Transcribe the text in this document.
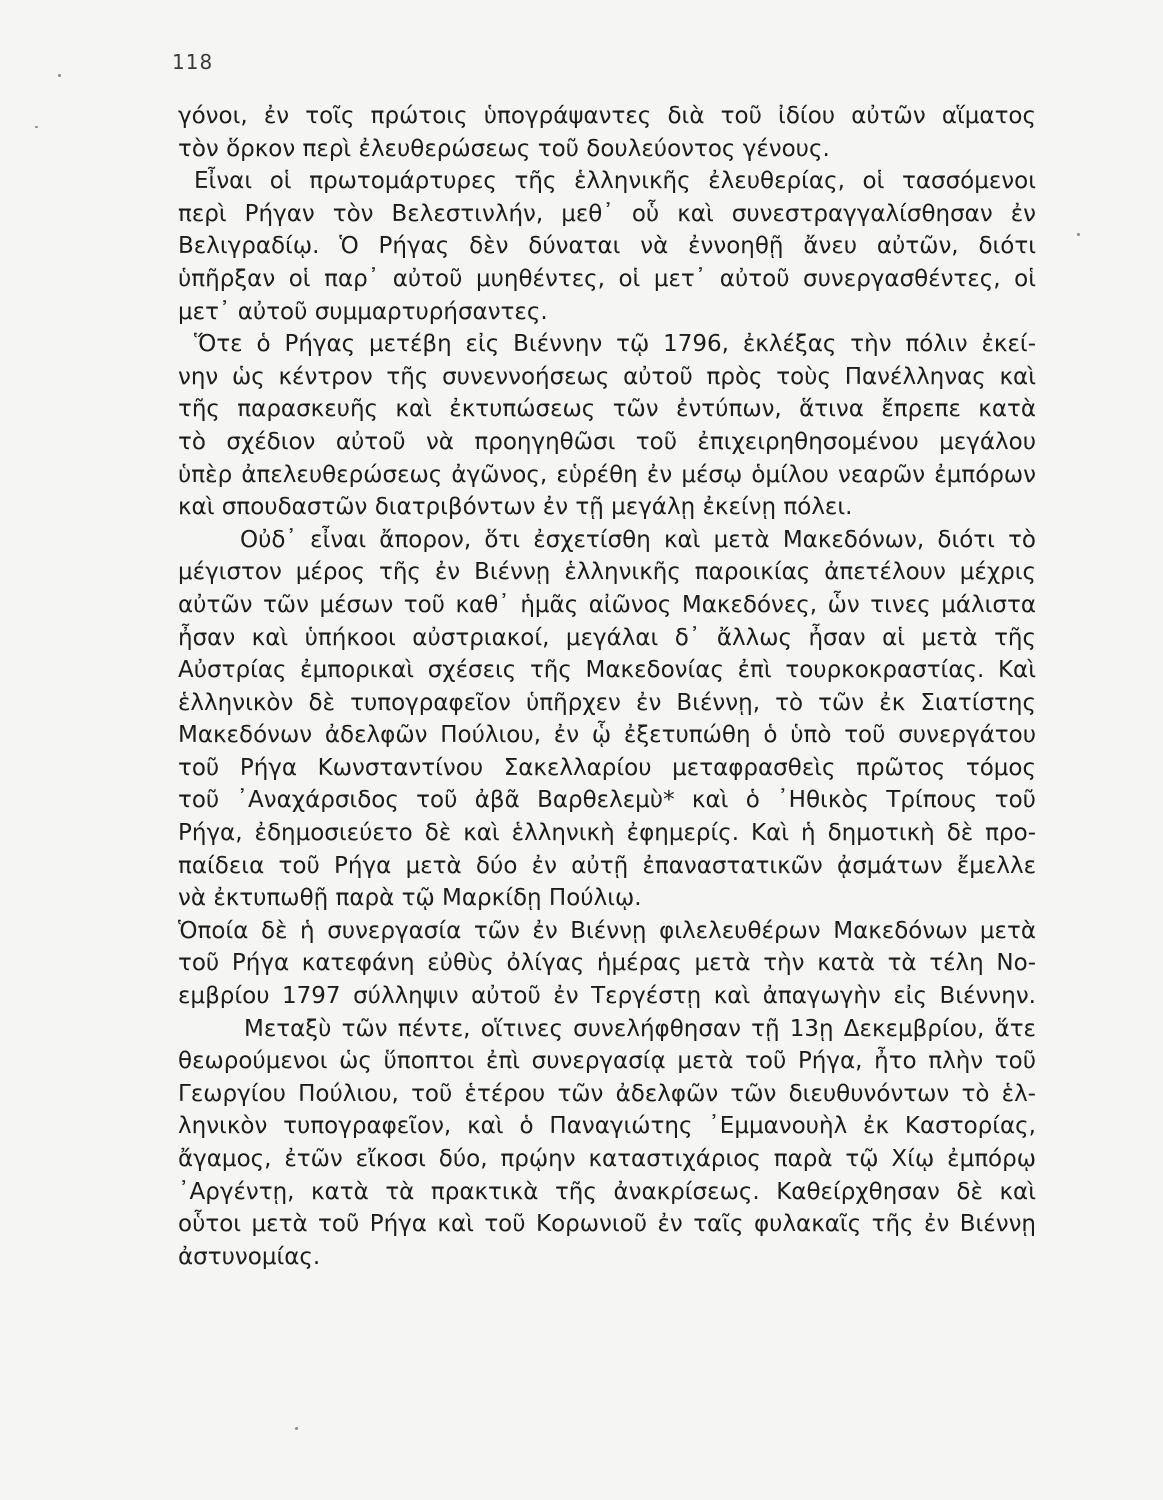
118
γόνοι, ἐν τοῖς πρώτοις ὑπογράψαντες διὰ τοῦ ἰδίου αὐτῶν αἵματος
τὸν ὅρκον περὶ ἐλευθερώσεως τοῦ δουλεύοντος γένους.
Εἶναι οἱ πρωτομάρτυρες τῆς ἑλληνικῆς ἐλευθερίας, οἱ τασσόμενοι
περὶ Ρήγαν τὸν Βελεστινλήν, μεθ᾽ οὗ καὶ συνεστραγγαλίσθησαν ἐν
Βελιγραδίῳ. Ὁ Ρήγας δὲν δύναται νὰ ἐννοηθῇ ἄνευ αὐτῶν, διότι
ὑπῆρξαν οἱ παρ᾽ αὐτοῦ μυηθέντες, οἱ μετ᾽ αὐτοῦ συνεργασθέντες, οἱ
μετ᾽ αὐτοῦ συμμαρτυρήσαντες.
Ὅτε ὁ Ρήγας μετέβη εἰς Βιέννην τῷ 1796, ἐκλέξας τὴν πόλιν ἐκεί-
νην ὡς κέντρον τῆς συνεννοήσεως αὐτοῦ πρὸς τοὺς Πανέλληνας καὶ
τῆς παρασκευῆς καὶ ἐκτυπώσεως τῶν ἐντύπων, ἅτινα ἔπρεπε κατὰ
τὸ σχέδιον αὐτοῦ νὰ προηγηθῶσι τοῦ ἐπιχειρηθησομένου μεγάλου
ὑπὲρ ἀπελευθερώσεως ἀγῶνος, εὑρέθη ἐν μέσῳ ὁμίλου νεαρῶν ἐμπόρων
καὶ σπουδαστῶν διατριβόντων ἐν τῇ μεγάλῃ ἐκείνῃ πόλει.
Οὐδ᾽ εἶναι ἄπορον, ὅτι ἐσχετίσθη καὶ μετὰ Μακεδόνων, διότι τὸ
μέγιστον μέρος τῆς ἐν Βιέννῃ ἑλληνικῆς παροικίας ἀπετέλουν μέχρις
αὐτῶν τῶν μέσων τοῦ καθ᾽ ἡμᾶς αἰῶνος Μακεδόνες, ὧν τινες μάλιστα
ἦσαν καὶ ὑπήκοοι αὐστριακοί, μεγάλαι δ᾽ ἄλλως ἦσαν αἱ μετὰ τῆς
Αὐστρίας ἐμπορικαὶ σχέσεις τῆς Μακεδονίας ἐπὶ τουρκοκραστίας. Καὶ
ἑλληνικὸν δὲ τυπογραφεῖον ὑπῆρχεν ἐν Βιέννῃ, τὸ τῶν ἐκ Σιατίστης
Μακεδόνων ἀδελφῶν Πούλιου, ἐν ᾧ ἐξετυπώθη ὁ ὑπὸ τοῦ συνεργάτου
τοῦ Ρήγα Κωνσταντίνου Σακελλαρίου μεταφρασθεὶς πρῶτος τόμος
τοῦ ᾿Αναχάρσιδος τοῦ ἀβᾶ Βαρθελεμὺ* καὶ ὁ ᾿Ηθικὸς Τρίπους τοῦ
Ρήγα, ἐδημοσιεύετο δὲ καὶ ἑλληνικὴ ἐφημερίς. Καὶ ἡ δημοτικὴ δὲ προ-
παίδεια τοῦ Ρήγα μετὰ δύο ἐν αὐτῇ ἐπαναστατικῶν ᾀσμάτων ἔμελλε
νὰ ἐκτυπωθῇ παρὰ τῷ Μαρκίδῃ Πούλιῳ.
Ὁποία δὲ ἡ συνεργασία τῶν ἐν Βιέννῃ φιλελευθέρων Μακεδόνων μετὰ
τοῦ Ρήγα κατεφάνη εὐθὺς ὀλίγας ἡμέρας μετὰ τὴν κατὰ τὰ τέλη Νο-
εμβρίου 1797 σύλληψιν αὐτοῦ ἐν Τεργέστῃ καὶ ἀπαγωγὴν εἰς Βιέννην.
Μεταξὺ τῶν πέντε, οἵτινες συνελήφθησαν τῇ 13ῃ Δεκεμβρίου, ἅτε
θεωρούμενοι ὡς ὕποπτοι ἐπὶ συνεργασίᾳ μετὰ τοῦ Ρήγα, ἦτο πλὴν τοῦ
Γεωργίου Πούλιου, τοῦ ἑτέρου τῶν ἀδελφῶν τῶν διευθυνόντων τὸ ἑλ-
ληνικὸν τυπογραφεῖον, καὶ ὁ Παναγιώτης ᾿Εμμανουὴλ ἐκ Καστορίας,
ἄγαμος, ἐτῶν εἴκοσι δύο, πρῴην καταστιχάριος παρὰ τῷ Χίῳ ἐμπόρῳ
᾿Αργέντῃ, κατὰ τὰ πρακτικὰ τῆς ἀνακρίσεως. Καθείρχθησαν δὲ καὶ
οὗτοι μετὰ τοῦ Ρήγα καὶ τοῦ Κορωνιοῦ ἐν ταῖς φυλακαῖς τῆς ἐν Βιέννῃ
ἀστυνομίας.
